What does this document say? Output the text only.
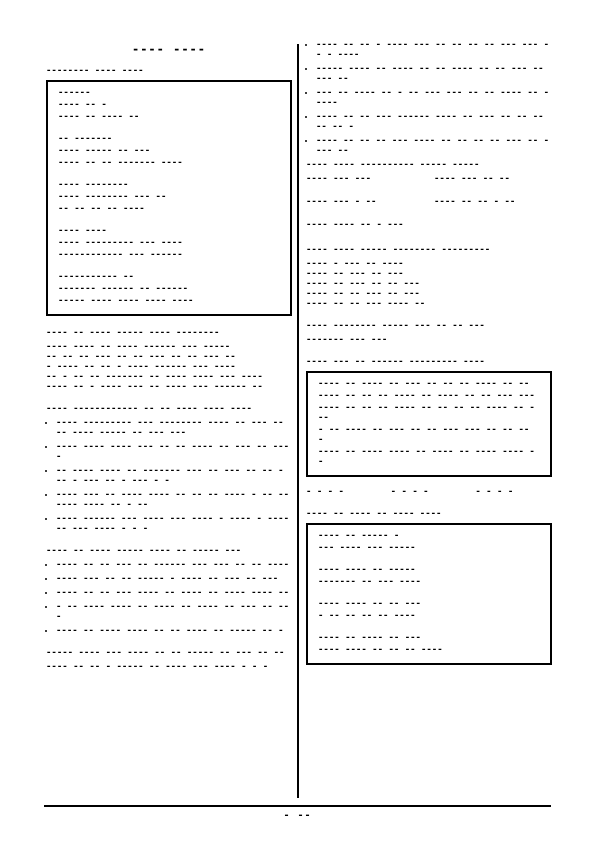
---- ----
-------- ---- ----
------
---- -- -
---- -- ---- --
-- -------
---- ----- -- ---
---- -- -- ------- ----
---- --------
---- -------- --- --
-- -- -- -- ----
---- ----
---- --------- --- ----
------------ --- ------
----------- --
------- ------ -- ------
----- ---- ---- ---- ----
---- -- ---- ----- ---- --------
---- ---- -- ---- ------ --- -----
-- -- -- --- -- -- --- -- -- --- --
- ---- -- -- - ---- ------ --- ----
-- - -- -- ------- -- ---- ---- --- ----
---- -- - ---- --- -- ---- --- ------ --
---- ------------ -- -- ---- ---- ----
• ---- --------- --- -------- ---- -- --- -- -- ---- ----- -- --- ---
• ---- ---- ---- --- -- -- ---- -- --- -- ----
• -- ---- ---- -- ------- --- -- --- -- -- - -- - --- -- - --- - -
• ---- --- -- ---- ---- -- -- -- ---- - -- -- ---- ---- -- - --
• ---- ------ --- ---- --- ---- - ---- - ------ --- ---- - - -
---- -- ---- ----- ---- -- ----- ---
• ---- -- -- --- -- ------ --- --- -- -- ----
• ---- --- -- -- ----- - ---- -- --- -- ---
• ---- -- -- --- ---- -- ---- -- ---- ---- --
• - -- ---- ---- -- ---- -- ---- -- --- -- ---
• ---- -- ---- ---- -- -- ---- -- ----- -- -
----- ---- --- ---- -- -- ----- -- --- -- --
---- -- -- - ----- -- ---- --- ---- - - -
• ---- -- -- - ---- --- -- -- -- -- --- --- -- - ----
• ----- ---- -- ---- -- -- ---- -- -- --- -- --- --
• --- -- ---- -- - -- --- --- -- -- ---- -- - ----
• ---- -- -- --- ------ ---- -- --- -- -- -- -- -- -
• ---- -- -- -- --- ---- -- -- -- -- --- -- ---- --
---- ---- ---------- ----- -----
---- --- ---	---- --- -- --
---- --- - --	---- -- -- - --
---- ---- -- - ---
---- ---- ----- -------- ---------
---- - --- -- ----
---- -- --- -- ---
---- -- --- -- -- ---
---- -- -- --- -- ---
---- -- -- --- ---- --
---- -------- ----- --- -- -- ---
------- --- ---
---- --- -- ------ --------- ----
---- -- ---- -- --- -- -- -- ---- -- --
---- -- -- -- ---- -- ---- -- -- --- ---
---- -- -- -- ---- -- -- -- -- ---- -- ---
- -- ---- -- --- -- -- --- --- -- -- -- -
---- -- ---- ---- -- ---- -- ---- ---- --
- - - -	- - - -	- - - -
---- -- ---- -- ---- ----
---- -- ----- -
--- ---- --- -----
---- ---- -- -----
------- -- --- ----
---- ---- -- -- ---
- -- -- -- -- ----
---- -- ---- -- ---
---- ---- -- -- -- ----
- --
